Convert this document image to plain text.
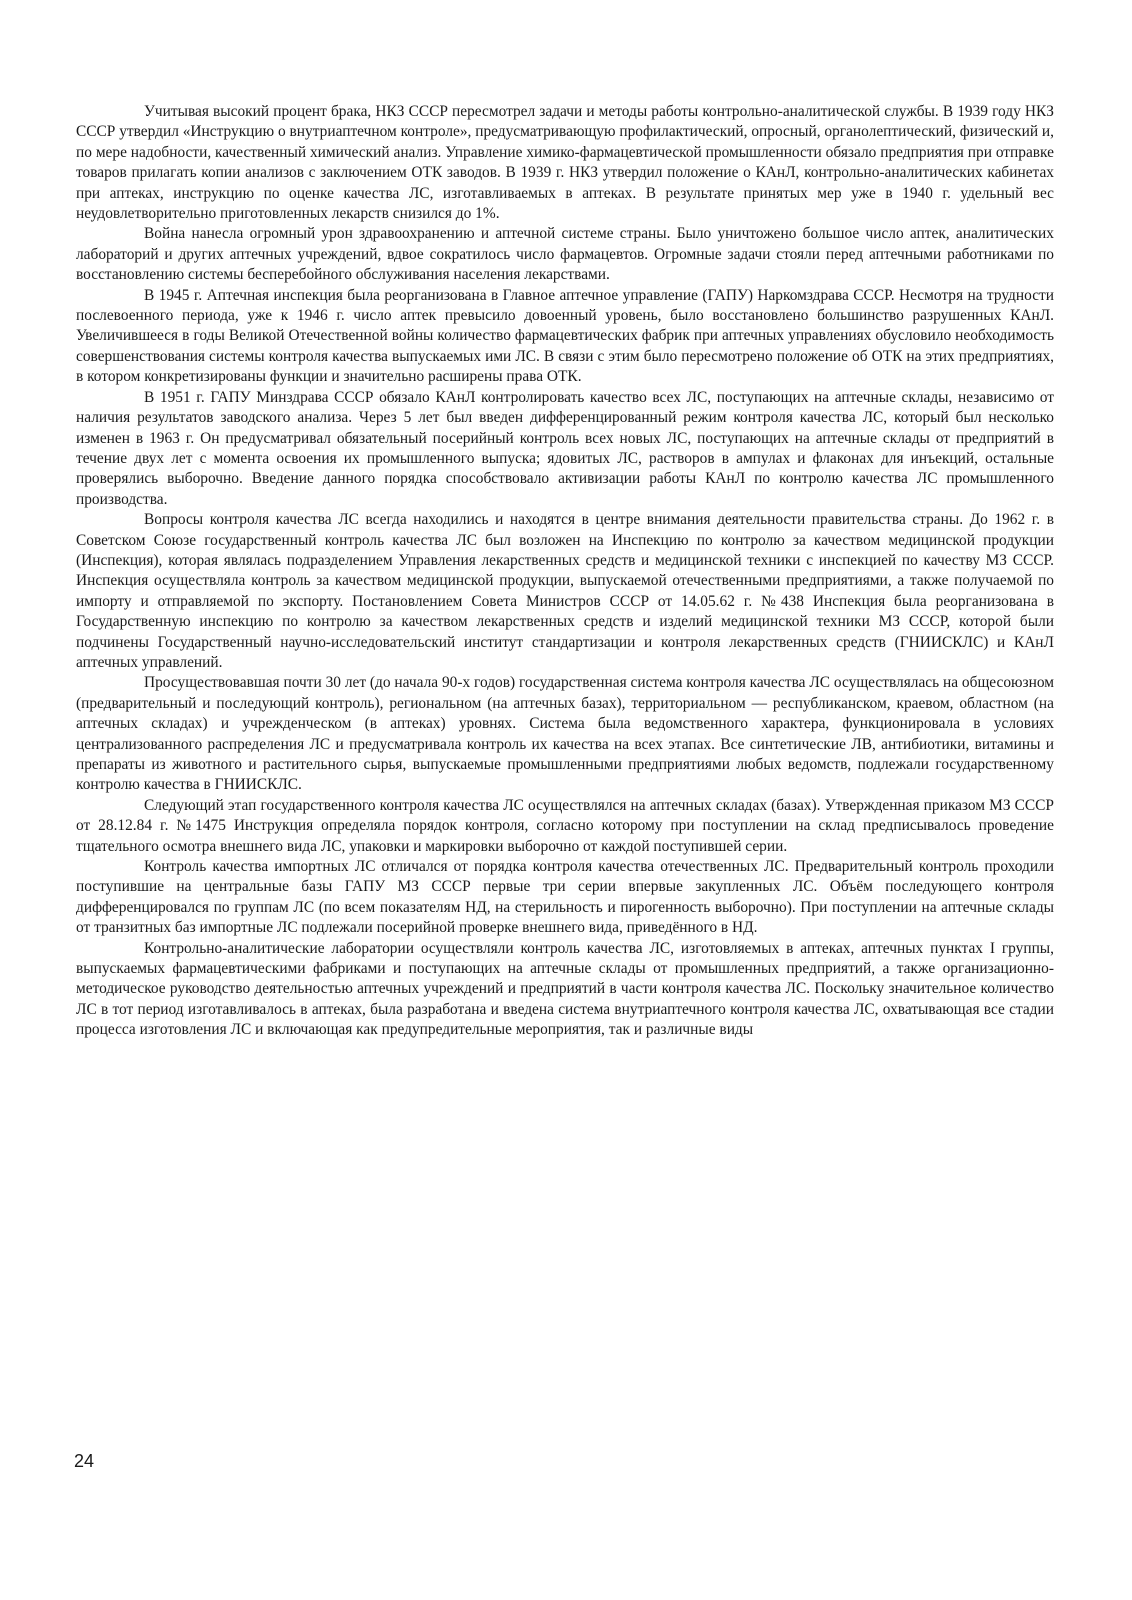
Учитывая высокий процент брака, НКЗ СССР пересмотрел задачи и методы работы контрольно-аналитической службы. В 1939 году НКЗ СССР утвердил «Инструкцию о внутриаптечном контроле», предусматривающую профилактический, опросный, органолептический, физический и, по мере надобности, качественный химический анализ. Управление химико-фармацевтической промышленности обязало предприятия при отправке товаров прилагать копии анализов с заключением ОТК заводов. В 1939 г. НКЗ утвердил положение о КАнЛ, контрольно-аналитических кабинетах при аптеках, инструкцию по оценке качества ЛС, изготавливаемых в аптеках. В результате принятых мер уже в 1940 г. удельный вес неудовлетворительно приготовленных лекарств снизился до 1%.

Война нанесла огромный урон здравоохранению и аптечной системе страны. Было уничтожено большое число аптек, аналитических лабораторий и других аптечных учреждений, вдвое сократилось число фармацевтов. Огромные задачи стояли перед аптечными работниками по восстановлению системы бесперебойного обслуживания населения лекарствами.

В 1945 г. Аптечная инспекция была реорганизована в Главное аптечное управление (ГАПУ) Наркомздрава СССР. Несмотря на трудности послевоенного периода, уже к 1946 г. число аптек превысило довоенный уровень, было восстановлено большинство разрушенных КАнЛ. Увеличившееся в годы Великой Отечественной войны количество фармацевтических фабрик при аптечных управлениях обусловило необходимость совершенствования системы контроля качества выпускаемых ими ЛС. В связи с этим было пересмотрено положение об ОТК на этих предприятиях, в котором конкретизированы функции и значительно расширены права ОТК.

В 1951 г. ГАПУ Минздрава СССР обязало КАнЛ контролировать качество всех ЛС, поступающих на аптечные склады, независимо от наличия результатов заводского анализа. Через 5 лет был введен дифференцированный режим контроля качества ЛС, который был несколько изменен в 1963 г. Он предусматривал обязательный посерийный контроль всех новых ЛС, поступающих на аптечные склады от предприятий в течение двух лет с момента освоения их промышленного выпуска; ядовитых ЛС, растворов в ампулах и флаконах для инъекций, остальные проверялись выборочно. Введение данного порядка способствовало активизации работы КАнЛ по контролю качества ЛС промышленного производства.

Вопросы контроля качества ЛС всегда находились и находятся в центре внимания деятельности правительства страны. До 1962 г. в Советском Союзе государственный контроль качества ЛС был возложен на Инспекцию по контролю за качеством медицинской продукции (Инспекция), которая являлась подразделением Управления лекарственных средств и медицинской техники с инспекцией по качеству МЗ СССР. Инспекция осуществляла контроль за качеством медицинской продукции, выпускаемой отечественными предприятиями, а также получаемой по импорту и отправляемой по экспорту. Постановлением Совета Министров СССР от 14.05.62 г. №438 Инспекция была реорганизована в Государственную инспекцию по контролю за качеством лекарственных средств и изделий медицинской техники МЗ СССР, которой были подчинены Государственный научно-исследовательский институт стандартизации и контроля лекарственных средств (ГНИИСКЛС) и КАнЛ аптечных управлений.

Просуществовавшая почти 30 лет (до начала 90-х годов) государственная система контроля качества ЛС осуществлялась на общесоюзном (предварительный и последующий контроль), региональном (на аптечных базах), территориальном — республиканском, краевом, областном (на аптечных складах) и учрежденческом (в аптеках) уровнях. Система была ведомственного характера, функционировала в условиях централизованного распределения ЛС и предусматривала контроль их качества на всех этапах. Все синтетические ЛВ, антибиотики, витамины и препараты из животного и растительного сырья, выпускаемые промышленными предприятиями любых ведомств, подлежали государственному контролю качества в ГНИИСКЛС.

Следующий этап государственного контроля качества ЛС осуществлялся на аптечных складах (базах). Утвержденная приказом МЗ СССР от 28.12.84 г. №1475 Инструкция определяла порядок контроля, согласно которому при поступлении на склад предписывалось проведение тщательного осмотра внешнего вида ЛС, упаковки и маркировки выборочно от каждой поступившей серии.

Контроль качества импортных ЛС отличался от порядка контроля качества отечественных ЛС. Предварительный контроль проходили поступившие на центральные базы ГАПУ МЗ СССР первые три серии впервые закупленных ЛС. Объём последующего контроля дифференцировался по группам ЛС (по всем показателям НД, на стерильность и пирогенность выборочно). При поступлении на аптечные склады от транзитных баз импортные ЛС подлежали посерийной проверке внешнего вида, приведённого в НД.

Контрольно-аналитические лаборатории осуществляли контроль качества ЛС, изготовляемых в аптеках, аптечных пунктах I группы, выпускаемых фармацевтическими фабриками и поступающих на аптечные склады от промышленных предприятий, а также организационно-методическое руководство деятельностью аптечных учреждений и предприятий в части контроля качества ЛС. Поскольку значительное количество ЛС в тот период изготавливалось в аптеках, была разработана и введена система внутриаптечного контроля качества ЛС, охватывающая все стадии процесса изготовления ЛС и включающая как предупредительные мероприятия, так и различные виды

24
